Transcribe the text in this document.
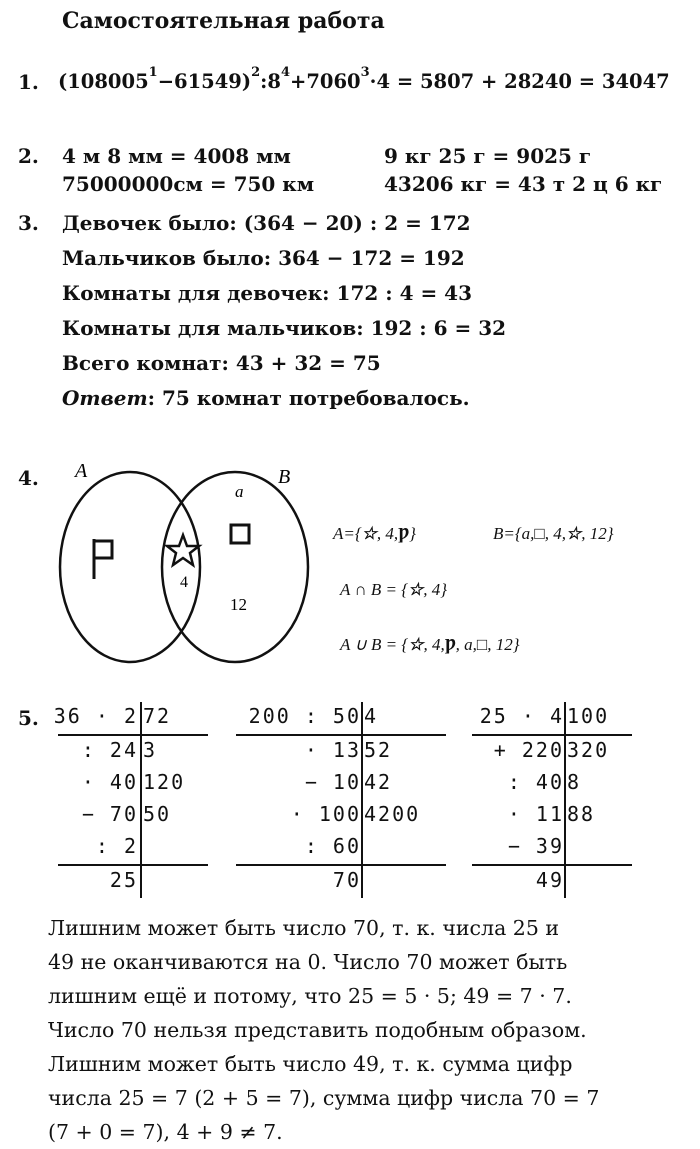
Самостоятельная работа
1. $(108005^1-61549)^2:8^4+7060^3\cdot 4 = 5807 + 28240 = 34047$
2. 4 м 8 мм = 4008 мм
75000000см = 750 км
9 кг 25 г = 9025 г
43206 кг = 43 т 2 ц 6 кг
3. Девочек было: (364 − 20) : 2 = 172
Мальчиков было: 364 − 172 = 192
Комнаты для девочек: 172 : 4 = 43
Комнаты для мальчиков: 192 : 6 = 32
Всего комнат: 43 + 32 = 75
Ответ: 75 комнат потребовалось.
4. A	B
4
a
12
A={☆, 4,Ƿ}	B={a,□, 4,☆, 12}
A ∩ B = {☆, 4}
A ∪ B = {☆, 4,Ƿ, a,□, 12}
5. 36 · 2 72
: 24 3
· 40 120
− 70 50
: 2
25
200 : 50 4
· 13 52
− 10 42
· 100 4200
: 60
70
25 · 4 100
+ 220 320
: 40 8
· 11 88
− 39
49
Лишним может быть число 70, т. к. числа 25 и
49 не оканчиваются на 0. Число 70 может быть
лишним ещё и потому, что 25 = 5 · 5; 49 = 7 · 7.
Число 70 нельзя представить подобным образом.
Лишним может быть число 49, т. к. сумма цифр
числа 25 = 7 (2 + 5 = 7), сумма цифр числа 70 = 7
(7 + 0 = 7), 4 + 9 ≠ 7.
